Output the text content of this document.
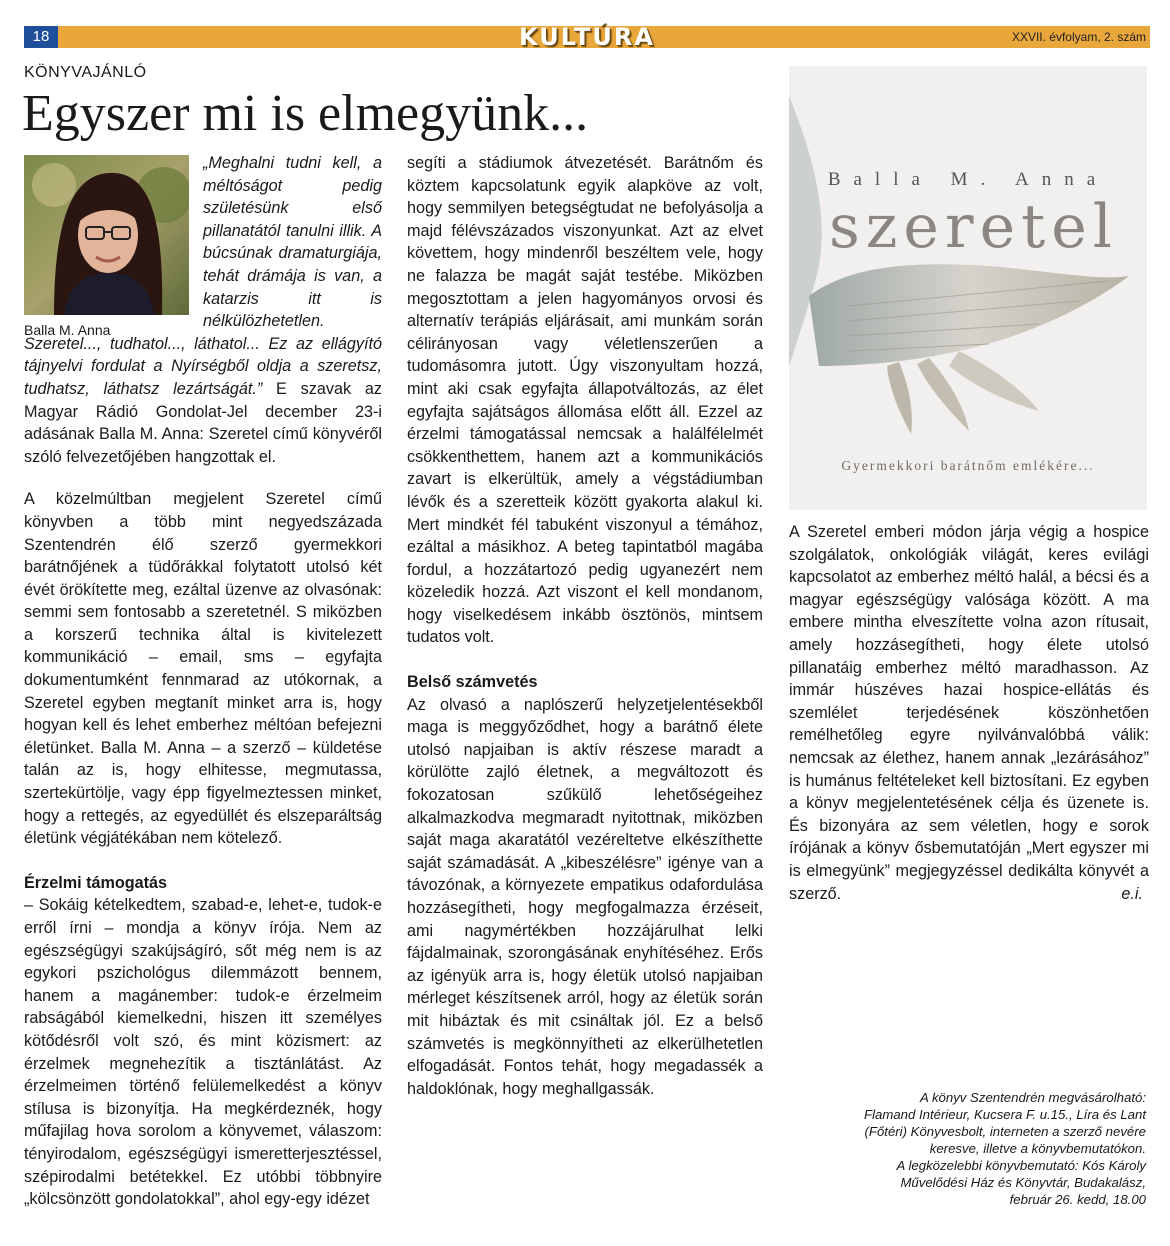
18	KULTÚRA	XXVII. évfolyam, 2. szám
KÖNYVAJÁNLÓ
Egyszer mi is elmegyünk...
Balla M. Anna

„Meghalni tudni kell, a méltóságot pedig születésünk első pillanatától tanulni illik. A búcsúnak dramaturgiája, tehát drámája is van, a katarzis itt is nélkülözhetetlen. Szeretel..., tudhatol..., láthatol... Ez az ellágyító tájnyelvi fordulat a Nyírségből oldja a szeretsz, tudhatsz, láthatsz lezártságát.” E szavak az Magyar Rádió Gondolat-Jel december 23-i adásának Balla M. Anna: Szeretel című könyvéről szóló felvezetőjében hangzottak el.

A közelmúltban megjelent Szeretel című könyvben a több mint negyedszázada Szentendrén élő szerző gyermekkori barátnőjének a tüdőrákkal folytatott utolsó két évét örökítette meg, ezáltal üzenve az olvasónak: semmi sem fontosabb a szeretetnél. S miközben a korszerű technika által is kivitelezett kommunikáció – email, sms – egyfajta dokumentumként fennmarad az utókornak, a Szeretel egyben megtanít minket arra is, hogy hogyan kell és lehet emberhez méltóan befejezni életünket. Balla M. Anna – a szerző – küldetése talán az is, hogy elhitesse, megmutassa, szertekürtölje, vagy épp figyelmeztessen minket, hogy a rettegés, az egyedüllét és elszeparáltság életünk végjátékában nem kötelező.

Érzelmi támogatás

– Sokáig kételkedtem, szabad-e, lehet-e, tudok-e erről írni – mondja a könyv írója. Nem az egészségügyi szakújságíró, sőt még nem is az egykori pszichológus dilemmázott bennem, hanem a magánember: tudok-e érzelmeim rabságából kiemelkedni, hiszen itt személyes kötődésről volt szó, és mint közismert: az érzelmek megnehezítik a tisztánlátást. Az érzelmeimen történő felülemelkedést a könyv stílusa is bizonyítja. Ha megkérdeznék, hogy műfajilag hova sorolom a könyvemet, válaszom: tényirodalom, egészségügyi ismeretterjesztéssel, szépirodalmi betétekkel. Ez utóbbi többnyire „kölcsönzött gondolatokkal”, ahol egy-egy idézet

segíti a stádiumok átvezetését. Barátnőm és köztem kapcsolatunk egyik alapköve az volt, hogy semmilyen betegségtudat ne befolyásolja a majd félévszázados viszonyunkat. Azt az elvet követtem, hogy mindenről beszéltem vele, hogy ne falazza be magát saját testébe. Miközben megosztottam a jelen hagyományos orvosi és alternatív terápiás eljárásait, ami munkám során célirányosan vagy véletlenszerűen a tudomásomra jutott. Úgy viszonyultam hozzá, mint aki csak egyfajta állapotváltozás, az élet egyfajta sajátságos állomása előtt áll. Ezzel az érzelmi támogatással nemcsak a halálfélelmét csökkenthettem, hanem azt a kommunikációs zavart is elkerültük, amely a végstádiumban lévők és a szeretteik között gyakorta alakul ki. Mert mindkét fél tabuként viszonyul a témához, ezáltal a másikhoz. A beteg tapintatból magába fordul, a hozzátartozó pedig ugyanezért nem közeledik hozzá. Azt viszont el kell mondanom, hogy viselkedésem inkább ösztönös, mintsem tudatos volt.

Belső számvetés

Az olvasó a naplószerű helyzetjelentésekből maga is meggyőződhet, hogy a barátnő élete utolsó napjaiban is aktív részese maradt a körülötte zajló életnek, a megváltozott és fokozatosan szűkülő lehetőségeihez alkalmazkodva megmaradt nyitottnak, miközben saját maga akaratától vezéreltetve elkészíthette saját számadását. A „kibeszélésre” igénye van a távozónak, a környezete empatikus odafordulása hozzásegítheti, hogy megfogalmazza érzéseit, ami nagymértékben hozzájárulhat lelki fájdalmainak, szorongásának enyhítéséhez. Erős az igényük arra is, hogy életük utolsó napjaiban mérleget készítsenek arról, hogy az életük során mit hibáztak és mit csináltak jól. Ez a belső számvetés is megkönnyítheti az elkerülhetetlen elfogadását. Fontos tehát, hogy megadassék a haldoklónak, hogy meghallgassák.

Balla M. Anna
szeretel
Gyermekkori barátnőm emlékére...

A Szeretel emberi módon járja végig a hospice szolgálatok, onkológiák világát, keres evilági kapcsolatot az emberhez méltó halál, a bécsi és a magyar egészségügy valósága között. A ma embere mintha elveszítette volna azon rítusait, amely hozzásegítheti, hogy élete utolsó pillanatáig emberhez méltó maradhasson. Az immár húszéves hazai hospice-ellátás és szemlélet terjedésének köszönhetően remélhetőleg egyre nyilvánvalóbbá válik: nemcsak az élethez, hanem annak „lezárásához” is humánus feltételeket kell biztosítani. Ez egyben a könyv megjelentetésének célja és üzenete is. És bizonyára az sem véletlen, hogy e sorok írójának a könyv ősbemutatóján „Mert egyszer mi is elmegyünk” megjegyzéssel dedikálta könyvét a szerző.	e.i.

A könyv Szentendrén megvásárolható:
Flamand Intérieur, Kucsera F. u.15., Líra és Lant
(Főtéri) Könyvesbolt, interneten a szerző nevére
keresve, illetve a könyvbemutatókon.
A legközelebbi könyvbemutató: Kós Károly
Művelődési Ház és Könyvtár, Budakalász,
február 26. kedd, 18.00
